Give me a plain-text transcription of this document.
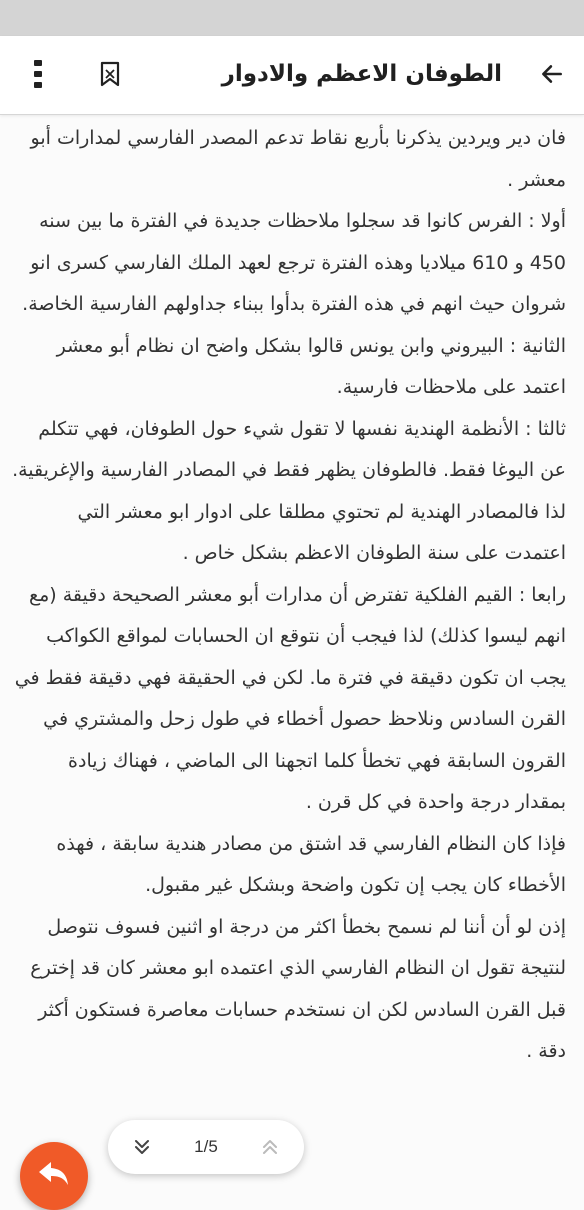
الطوفان الاعظم والادوار

فان دير ويردين يذكرنا بأربع نقاط تدعم المصدر الفارسي لمدارات أبو معشر .

أولا : الفرس كانوا قد سجلوا ملاحظات جديدة في الفترة ما بين سنه 450 و 610 ميلاديا وهذه الفترة ترجع لعهد الملك الفارسي كسرى انو شروان حيث انهم في هذه الفترة بدأوا ببناء جداولهم الفارسية الخاصة.

الثانية : البيروني وابن يونس قالوا بشكل واضح ان نظام أبو معشر اعتمد على ملاحظات فارسية.

ثالثا : الأنظمة الهندية نفسها لا تقول شيء حول الطوفان، فهي تتكلم عن اليوغا فقط. فالطوفان يظهر فقط في المصادر الفارسية والإغريقية. لذا فالمصادر الهندية لم تحتوي مطلقا على ادوار ابو معشر التي اعتمدت على سنة الطوفان الاعظم بشكل خاص .

رابعا : القيم الفلكية تفترض أن مدارات أبو معشر الصحيحة دقيقة (مع انهم ليسوا كذلك) لذا فيجب أن نتوقع ان الحسابات لمواقع الكواكب يجب ان تكون دقيقة في فترة ما. لكن في الحقيقة فهي دقيقة فقط في القرن السادس ونلاحظ حصول أخطاء في طول زحل والمشتري في القرون السابقة فهي تخطأ كلما اتجهنا الى الماضي ، فهناك زيادة بمقدار درجة واحدة في كل قرن .

فإذا كان النظام الفارسي قد اشتق من مصادر هندية سابقة ، فهذه الأخطاء كان يجب إن تكون واضحة وبشكل غير مقبول.

إذن لو أن أننا لم نسمح بخطأ اكثر من درجة او اثنين فسوف نتوصل لنتيجة تقول ان النظام الفارسي الذي اعتمده ابو معشر كان قد إخترع قبل القرن السادس لكن ان نستخدم حسابات معاصرة فستكون أكثر دقة .

1/5
